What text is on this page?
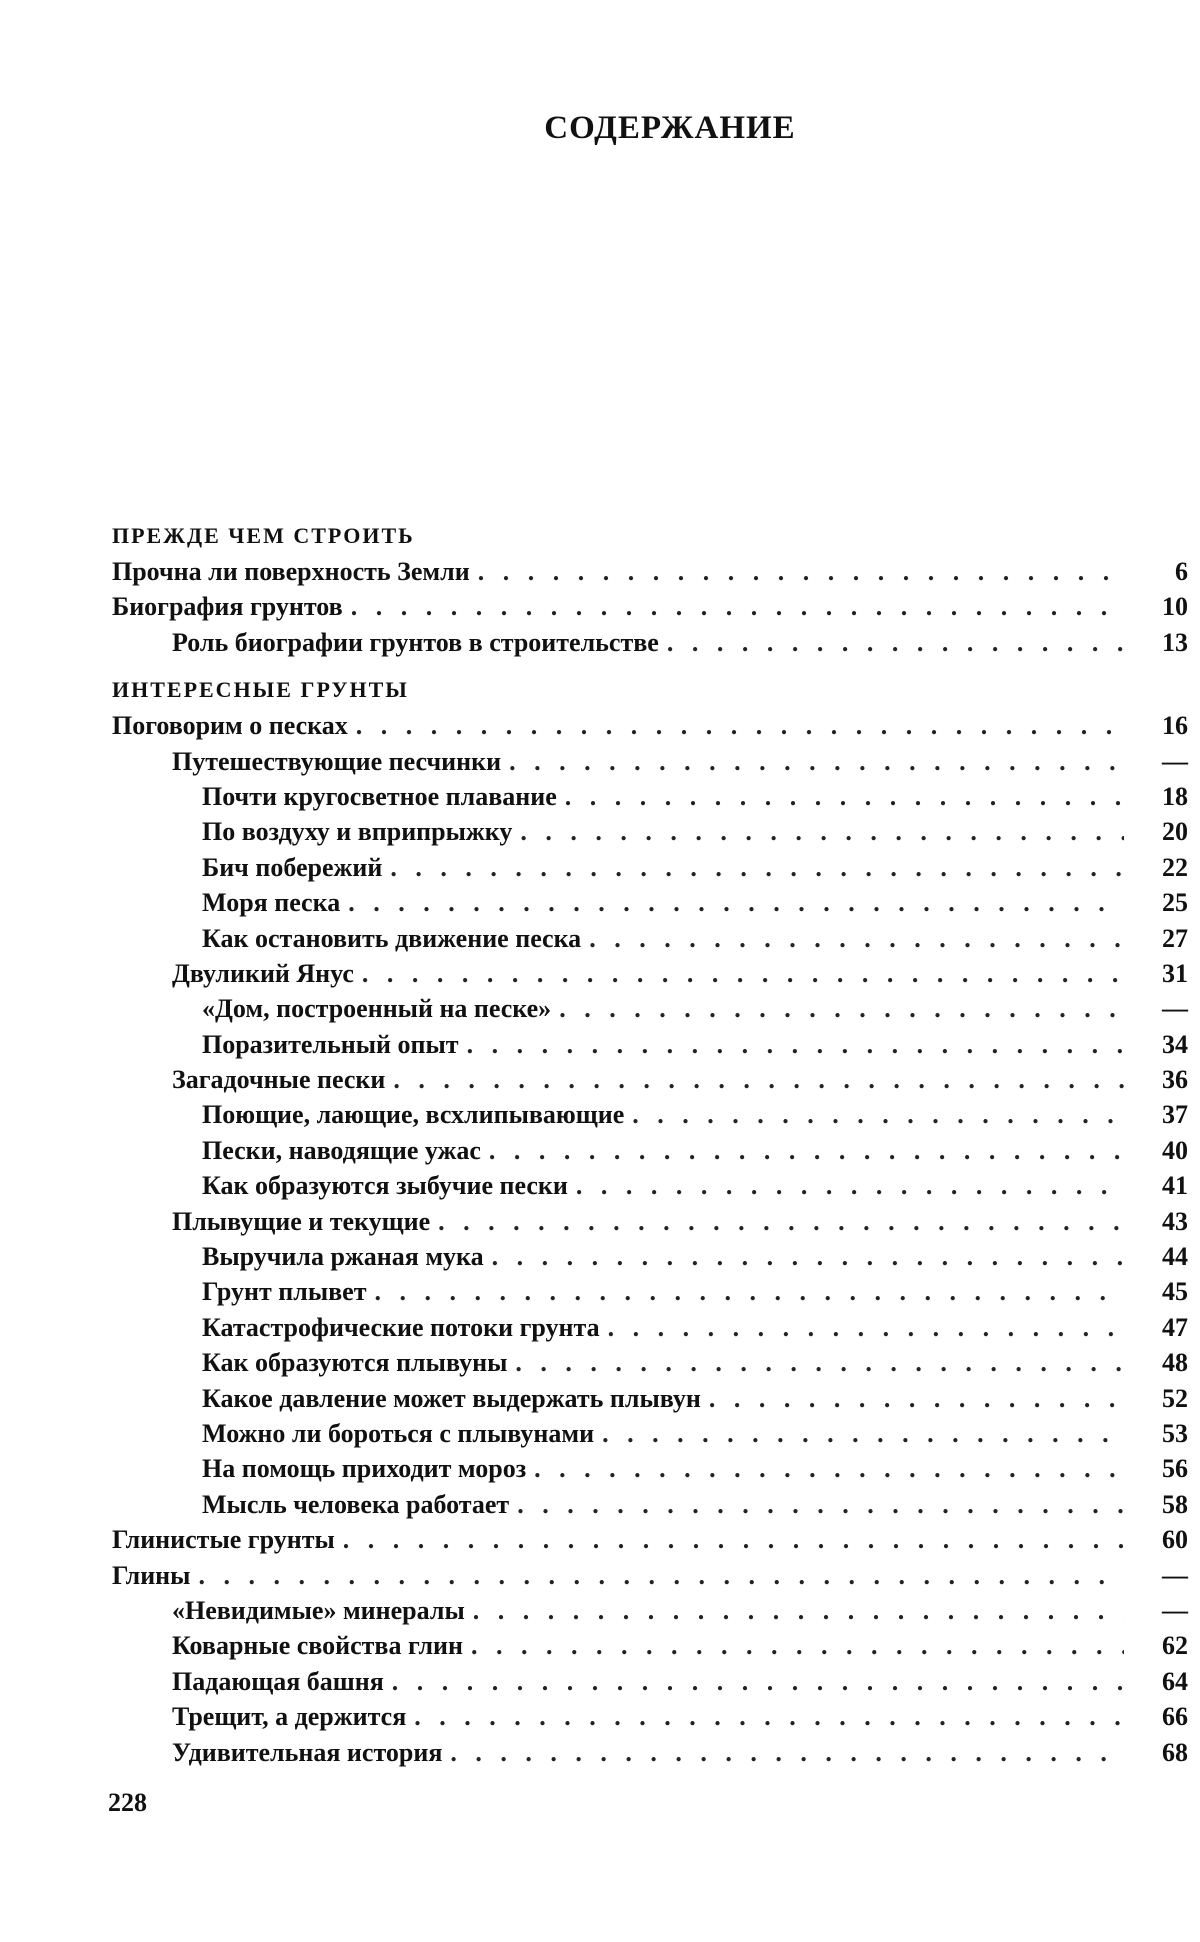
СОДЕРЖАНИЕ
ПРЕЖДЕ ЧЕМ СТРОИТЬ
Прочна ли поверхность Земли . . .	6
Биография грунтов . . .	10
Роль биографии грунтов в строительстве . . .	13
ИНТЕРЕСНЫЕ ГРУНТЫ
Поговорим о песках . . .	16
Путешествующие песчинки . . .	—
Почти кругосветное плавание . . .	18
По воздуху и вприпрыжку . . .	20
Бич побережий . . .	22
Моря песка . . .	25
Как остановить движение песка . . .	27
Двуликий Янус . . .	31
«Дом, построенный на песке» . . .	—
Поразительный опыт . . .	34
Загадочные пески . . .	36
Поющие, лающие, всхлипывающие . . .	37
Пески, наводящие ужас . . .	40
Как образуются зыбучие пески . . .	41
Плывущие и текущие . . .	43
Выручила ржаная мука . . .	44
Грунт плывет . . .	45
Катастрофические потоки грунта . . .	47
Как образуются плывуны . . .	48
Какое давление может выдержать плывун . . .	52
Можно ли бороться с плывунами . . .	53
На помощь приходит мороз . . .	56
Мысль человека работает . . .	58
Глинистые грунты . . .	60
Глины . . .	—
«Невидимые» минералы . . .	—
Коварные свойства глин . . .	62
Падающая башня . . .	64
Трещит, а держится . . .	66
Удивительная история . . .	68
228
